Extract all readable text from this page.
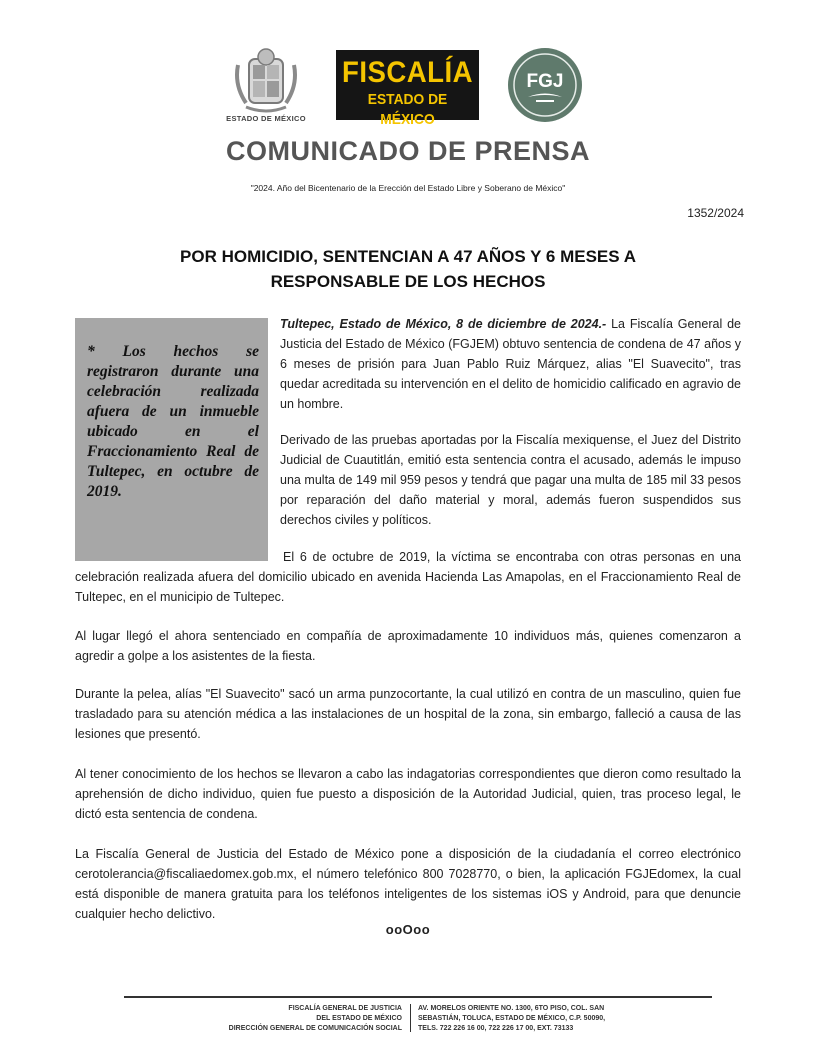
ESTADO DE MÉXICO
FISCALÍA
ESTADO DE MÉXICO
FGJ
COMUNICADO DE PRENSA
"2024. Año del Bicentenario de la Erección del Estado Libre y Soberano de México"
1352/2024
POR HOMICIDIO, SENTENCIAN A 47 AÑOS Y 6 MESES A
RESPONSABLE DE LOS HECHOS
* Los hechos se registraron durante una celebración realizada afuera de un inmueble ubicado en el Fraccionamiento Real de Tultepec, en octubre de 2019.
Tultepec, Estado de México, 8 de diciembre de 2024.- La Fiscalía General de Justicia del Estado de México (FGJEM) obtuvo sentencia de condena de 47 años y 6 meses de prisión para Juan Pablo Ruiz Márquez, alias "El Suavecito", tras quedar acreditada su intervención en el delito de homicidio calificado en agravio de un hombre.
Derivado de las pruebas aportadas por la Fiscalía mexiquense, el Juez del Distrito Judicial de Cuautitlán, emitió esta sentencia contra el acusado, además le impuso una multa de 149 mil 959 pesos y tendrá que pagar una multa de 185 mil 33 pesos por reparación del daño material y moral, además fueron suspendidos sus derechos civiles y políticos.
El 6 de octubre de 2019, la víctima se encontraba con otras personas en una celebración realizada afuera del domicilio ubicado en avenida Hacienda Las Amapolas, en el Fraccionamiento Real de Tultepec, en el municipio de Tultepec.
Al lugar llegó el ahora sentenciado en compañía de aproximadamente 10 individuos más, quienes comenzaron a agredir a golpe a los asistentes de la fiesta.
Durante la pelea, alías "El Suavecito" sacó un arma punzocortante, la cual utilizó en contra de un masculino, quien fue trasladado para su atención médica a las instalaciones de un hospital de la zona, sin embargo, falleció a causa de las lesiones que presentó.
Al tener conocimiento de los hechos se llevaron a cabo las indagatorias correspondientes que dieron como resultado la aprehensión de dicho individuo, quien fue puesto a disposición de la Autoridad Judicial, quien, tras proceso legal, le dictó esta sentencia de condena.
La Fiscalía General de Justicia del Estado de México pone a disposición de la ciudadanía el correo electrónico cerotolerancia@fiscaliaedomex.gob.mx, el número telefónico 800 7028770, o bien, la aplicación FGJEdomex, la cual está disponible de manera gratuita para los teléfonos inteligentes de los sistemas iOS y Android, para que denuncie cualquier hecho delictivo.
ooOoo
FISCALÍA GENERAL DE JUSTICIA
DEL ESTADO DE MÉXICO
DIRECCIÓN GENERAL DE COMUNICACIÓN SOCIAL
AV. MORELOS ORIENTE NO. 1300, 6TO PISO, COL. SAN
SEBASTIÁN, TOLUCA, ESTADO DE MÉXICO, C.P. 50090,
TELS. 722 226 16 00, 722 226 17 00, EXT. 73133
